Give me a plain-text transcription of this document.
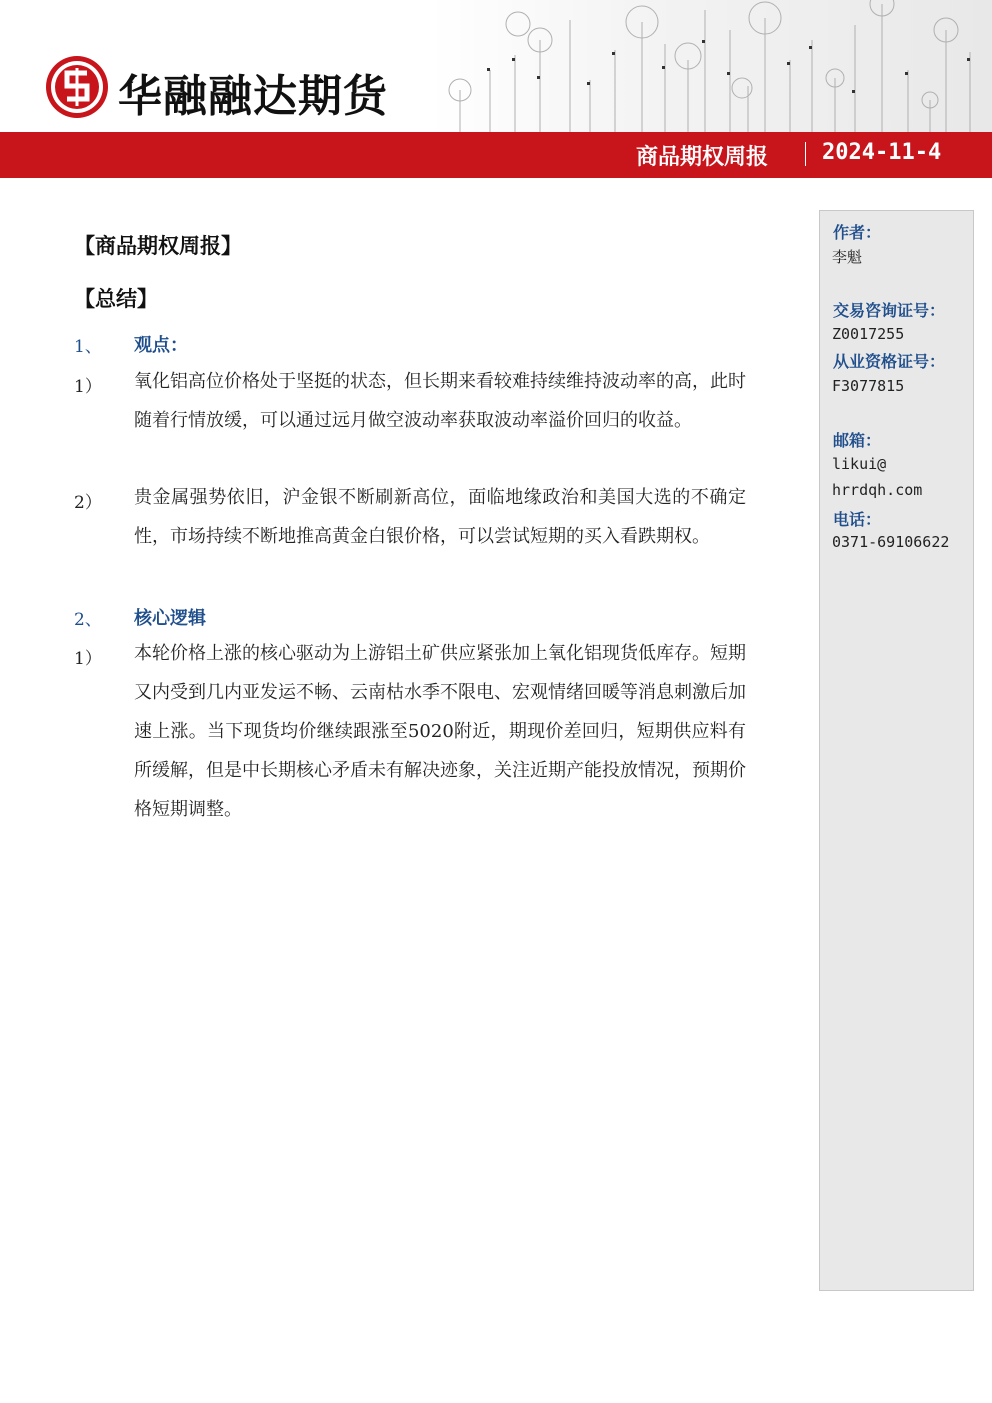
华融融达期货
商品期权周报 2024-11-4
【商品期权周报】
【总结】
1、 观点：
1） 氧化铝高位价格处于坚挺的状态，但长期来看较难持续维持波动率的高，此时随着行情放缓，可以通过远月做空波动率获取波动率溢价回归的收益。

2） 贵金属强势依旧，沪金银不断刷新高位，面临地缘政治和美国大选的不确定性，市场持续不断地推高黄金白银价格，可以尝试短期的买入看跌期权。

2、 核心逻辑
1） 本轮价格上涨的核心驱动为上游铝土矿供应紧张加上氧化铝现货低库存。短期又内受到几内亚发运不畅、云南枯水季不限电、宏观情绪回暖等消息刺激后加速上涨。当下现货均价继续跟涨至5020附近，期现价差回归，短期供应料有所缓解，但是中长期核心矛盾未有解决迹象，关注近期产能投放情况，预期价格短期调整。

作者：
李魁
交易咨询证号：
Z0017255
从业资格证号：
F3077815
邮箱：
likui@
hrrdqh.com
电话：
0371-69106622
